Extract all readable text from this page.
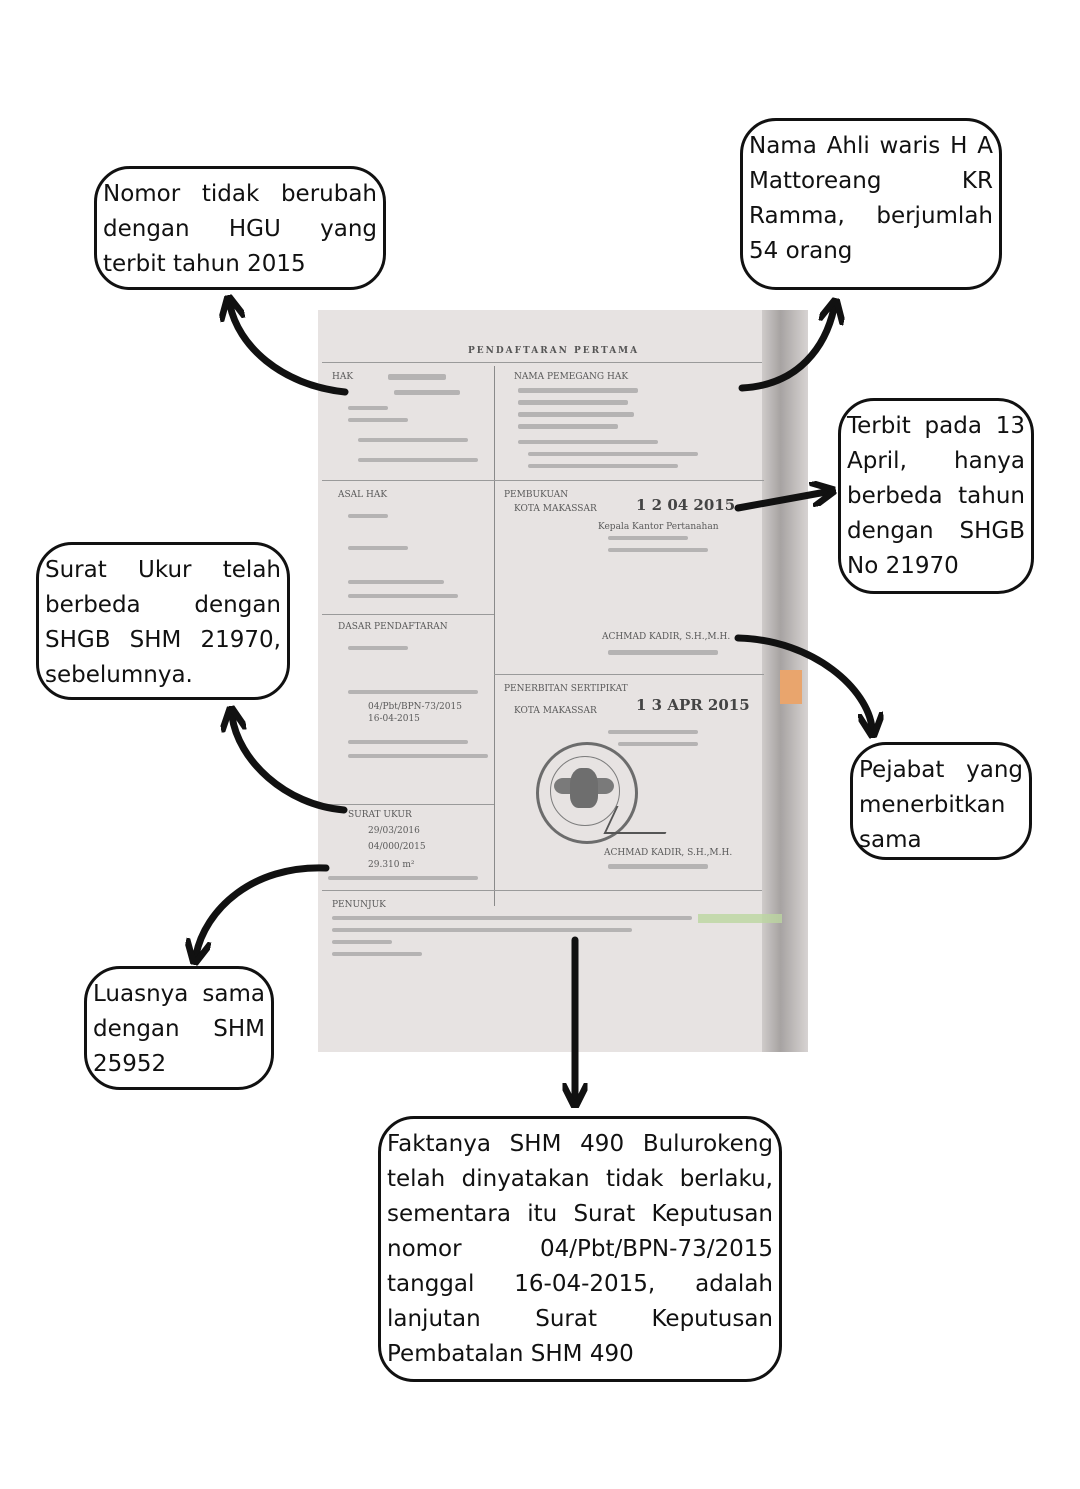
PENDAFTARAN PERTAMA
HAK
ASAL HAK
DASAR PENDAFTARAN
04/Pbt/BPN-73/2015
16-04-2015
SURAT UKUR
29/03/2016
04/000/2015
29.310 m²
PENUNJUK
NAMA PEMEGANG HAK
PEMBUKUAN
KOTA MAKASSAR	1 2 04 2015
Kepala Kantor Pertanahan
ACHMAD KADIR, S.H.,M.H.
PENERBITAN SERTIPIKAT
KOTA MAKASSAR	1 3 APR 2015
ACHMAD KADIR, S.H.,M.H.
Nomor tidak berubah dengan HGU yang terbit tahun 2015
Nama Ahli waris H A Mattoreang KR Ramma, berjumlah 54 orang
Terbit pada 13 April, hanya berbeda tahun dengan SHGB No 21970
Surat Ukur telah berbeda dengan SHGB SHM 21970, sebelumnya.
Pejabat yang menerbitkan sama
Luasnya sama dengan SHM 25952
Faktanya SHM 490 Bulurokeng telah dinyatakan tidak berlaku, sementara itu Surat Keputusan nomor 04/Pbt/BPN-73/2015 tanggal 16-04-2015, adalah lanjutan Surat Keputusan Pembatalan SHM 490
